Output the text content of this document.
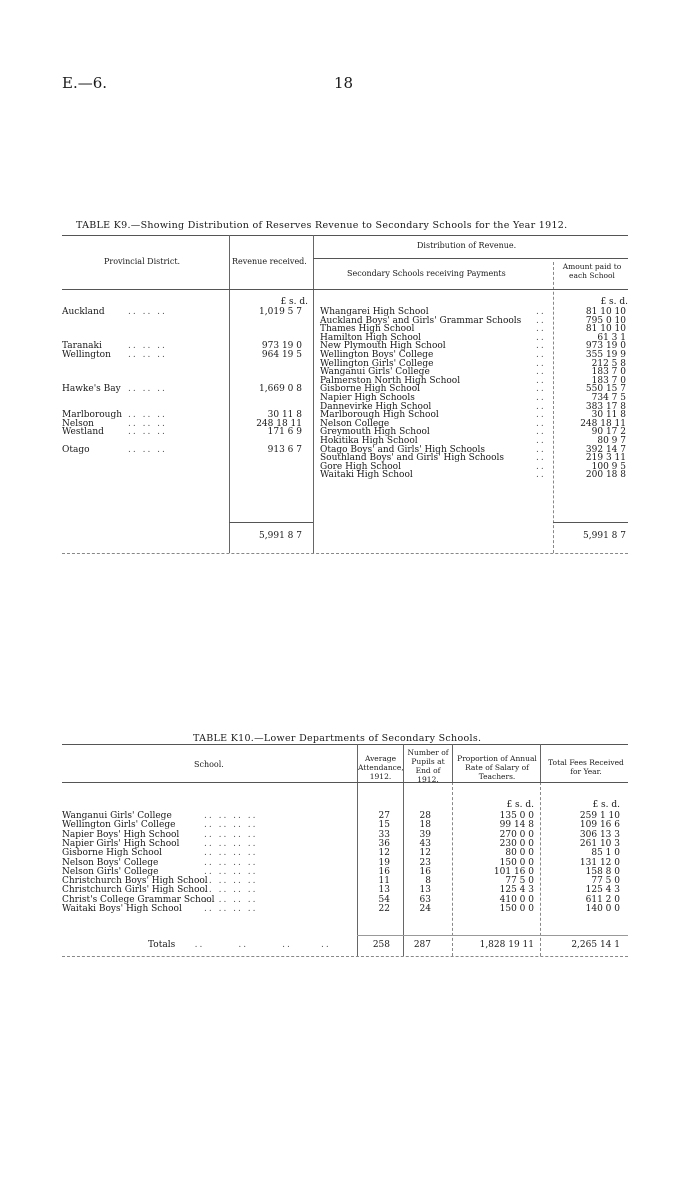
E.—6.	18
TABLE K9.—Showing Distribution of Reserves Revenue to Secondary Schools for the Year 1912.
Provincial District.	Revenue received.
Distribution of Revenue.
Secondary Schools receiving Payments
Amount paid to each School
£ s. d.	£ s. d.
Auckland	.. .. ..	1,019 5 7
Taranaki	.. .. ..	973 19 0
Wellington .. .. ..	964 19 5
Hawke's Bay .. .. ..	1,669 0 8
Marlborough .. .. ..	30 11 8
Nelson	.. .. ..	248 18 11
Westland	.. .. ..	171 6 9
Otago	.. .. ..	913 6 7
Whangarei High School	..	81 10 10
Auckland Boys' and Girls' Grammar Schools ..	795 0 10
Thames High School	..	81 10 10
Hamilton High School	..	61 3 1
New Plymouth High School	..	973 19 0
Wellington Boys' College	..	355 19 9
Wellington Girls' College	..	212 5 8
Wanganui Girls' College	..	183 7 0
Palmerston North High School	..	183 7 0
Gisborne High School	..	550 15 7
Napier High Schools	..	734 7 5
Dannevirke High School	..	383 17 8
Marlborough High School	..	30 11 8
Nelson College	..	248 18 11
Greymouth High School	..	90 17 2
Hokitika High School	..	80 9 7
Otago Boys' and Girls' High Schools	..	392 14 7
Southland Boys' and Girls' High Schools	..	219 3 11
Gore High School	..	100 9 5
Waitaki High School	..	200 18 8
5,991 8 7	5,991 8 7
TABLE K10.—Lower Departments of Secondary Schools.
School.
Average Attendance, 1912.
Number of Pupils at End of 1912.
Proportion of Annual Rate of Salary of Teachers.
Total Fees Received for Year.
£ s. d.	£ s. d.
Wanganui Girls' College	27	28	135 0 0	259 1 10
.. .. .. ..
Wellington Girls' College	15	18	99 14 8	109 16 6
.. .. .. ..
Napier Boys' High School	33	39	270 0 0	306 13 3
.. .. .. ..
Napier Girls' High School	36	43	230 0 0	261 10 3
.. .. .. ..
Gisborne High School	12	12	80 0 0	85 1 0
.. .. .. ..
Nelson Boys' College	19	23	150 0 0	131 12 0
.. .. .. ..
Nelson Girls' College	16	16	101 16 0	158 8 0
.. .. .. ..
Christchurch Boys' High School	11	8	77 5 0	77 5 0
.. .. .. ..
Christchurch Girls' High School	13	13	125 4 3	125 4 3
.. .. .. ..
Christ's College Grammar School	54	63	410 0 0	611 2 0
.. .. .. ..
Waitaki Boys' High School	22	24	150 0 0	140 0 0
.. .. .. ..
Totals    ..       ..       ..      ..	258	287	1,828 19 11	2,265 14 1
